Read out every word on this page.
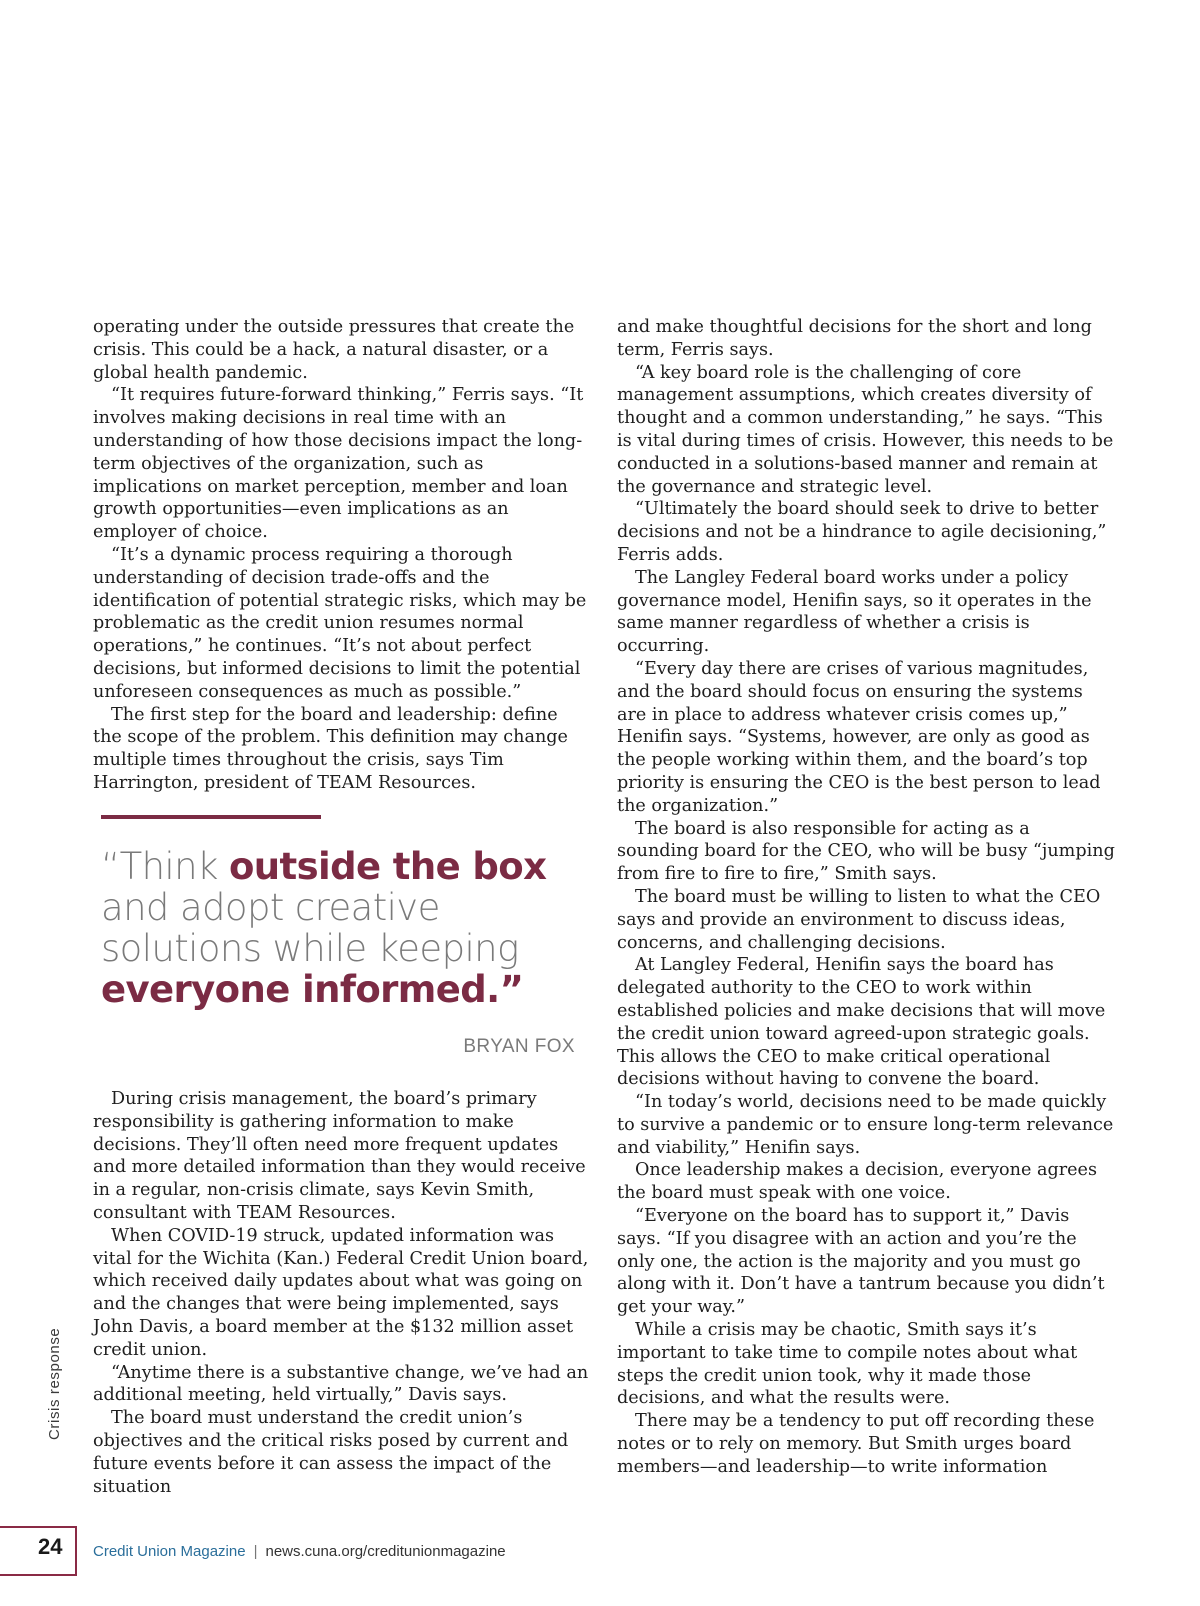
operating under the outside pressures that create the crisis. This could be a hack, a natural disaster, or a global health pandemic.

“It requires future-forward thinking,” Ferris says. “It involves making decisions in real time with an understanding of how those decisions impact the long-term objectives of the organization, such as implications on market perception, member and loan growth opportunities—even implications as an employer of choice.

“It’s a dynamic process requiring a thorough understanding of decision trade-offs and the identification of potential strategic risks, which may be problematic as the credit union resumes normal operations,” he continues. “It’s not about perfect decisions, but informed decisions to limit the potential unforeseen consequences as much as possible.”

The first step for the board and leadership: define the scope of the problem. This definition may change multiple times throughout the crisis, says Tim Harrington, president of TEAM Resources.

“Think outside the box and adopt creative solutions while keeping everyone informed.”
BRYAN FOX

During crisis management, the board’s primary responsibility is gathering information to make decisions. They’ll often need more frequent updates and more detailed information than they would receive in a regular, non-crisis climate, says Kevin Smith, consultant with TEAM Resources.

When COVID-19 struck, updated information was vital for the Wichita (Kan.) Federal Credit Union board, which received daily updates about what was going on and the changes that were being implemented, says John Davis, a board member at the $132 million asset credit union.

“Anytime there is a substantive change, we’ve had an additional meeting, held virtually,” Davis says.

The board must understand the credit union’s objectives and the critical risks posed by current and future events before it can assess the impact of the situation

and make thoughtful decisions for the short and long term, Ferris says.

“A key board role is the challenging of core management assumptions, which creates diversity of thought and a common understanding,” he says. “This is vital during times of crisis. However, this needs to be conducted in a solutions-based manner and remain at the governance and strategic level.

“Ultimately the board should seek to drive to better decisions and not be a hindrance to agile decisioning,” Ferris adds.

The Langley Federal board works under a policy governance model, Henifin says, so it operates in the same manner regardless of whether a crisis is occurring.

“Every day there are crises of various magnitudes, and the board should focus on ensuring the systems are in place to address whatever crisis comes up,” Henifin says. “Systems, however, are only as good as the people working within them, and the board’s top priority is ensuring the CEO is the best person to lead the organization.”

The board is also responsible for acting as a sounding board for the CEO, who will be busy “jumping from fire to fire to fire,” Smith says.

The board must be willing to listen to what the CEO says and provide an environment to discuss ideas, concerns, and challenging decisions.

At Langley Federal, Henifin says the board has delegated authority to the CEO to work within established policies and make decisions that will move the credit union toward agreed-upon strategic goals. This allows the CEO to make critical operational decisions without having to convene the board.

“In today’s world, decisions need to be made quickly to survive a pandemic or to ensure long-term relevance and viability,” Henifin says.

Once leadership makes a decision, everyone agrees the board must speak with one voice.

“Everyone on the board has to support it,” Davis says. “If you disagree with an action and you’re the only one, the action is the majority and you must go along with it. Don’t have a tantrum because you didn’t get your way.”

While a crisis may be chaotic, Smith says it’s important to take time to compile notes about what steps the credit union took, why it made those decisions, and what the results were.

There may be a tendency to put off recording these notes or to rely on memory. But Smith urges board members—and leadership—to write information

Crisis response
24 Credit Union Magazine | news.cuna.org/creditunionmagazine
